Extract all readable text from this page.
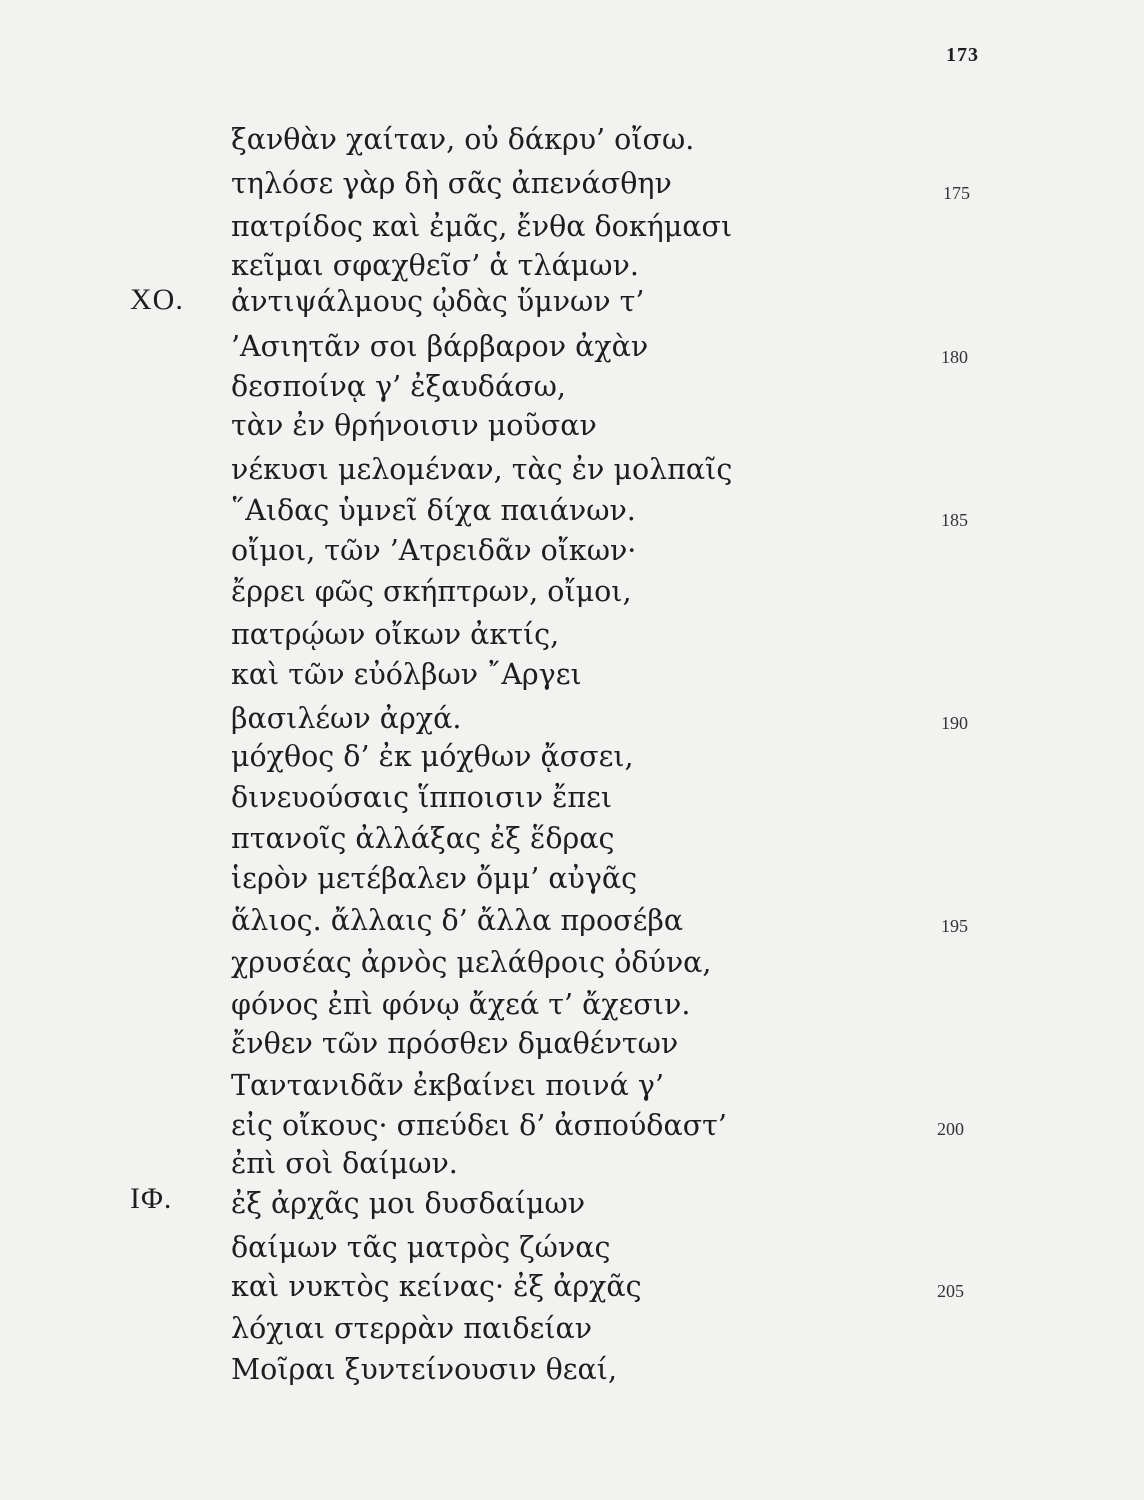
173
ΧΟ.
ΙΦ.
ξανθὰν χαίταν, οὐ δάκρυ’ οἴσω.
τηλόσε γὰρ δὴ σᾶς ἀπενάσθην
πατρίδος καὶ ἐμᾶς, ἔνθα δοκήμασι
κεῖμαι σφαχθεῖσ’ ἁ τλάμων.
ἀντιψάλμους ᾠδὰς ὕμνων τ’
’Ασιητᾶν σοι βάρβαρον ἀχὰν
δεσποίνᾳ γ’ ἐξαυδάσω,
τὰν ἐν θρήνοισιν μοῦσαν
νέκυσι μελομέναν, τὰς ἐν μολπαῖς
῞Αιδας ὑμνεῖ δίχα παιάνων.
οἴμοι, τῶν ’Ατρειδᾶν οἴκων·
ἔρρει φῶς σκήπτρων, οἴμοι,
πατρῴων οἴκων ἀκτίς,
καὶ τῶν εὐόλβων ῎Αργει
βασιλέων ἀρχά.
μόχθος δ’ ἐκ μόχθων ᾄσσει,
δινευούσαις ἵπποισιν ἔπει
πτανοῖς ἀλλάξας ἐξ ἕδρας
ἱερὸν μετέβαλεν ὄμμ’ αὐγᾶς
ἅλιος. ἄλλαις δ’ ἄλλα προσέβα
χρυσέας ἀρνὸς μελάθροις ὀδύνα,
φόνος ἐπὶ φόνῳ ἄχεά τ’ ἄχεσιν.
ἔνθεν τῶν πρόσθεν δμαθέντων
Ταντανιδᾶν ἐκβαίνει ποινά γ’
εἰς οἴκους· σπεύδει δ’ ἀσπούδαστ’
ἐπὶ σοὶ δαίμων.
ἐξ ἀρχᾶς μοι δυσδαίμων
δαίμων τᾶς ματρὸς ζώνας
καὶ νυκτὸς κείνας· ἐξ ἀρχᾶς
λόχιαι στερρὰν παιδείαν
Μοῖραι ξυντείνουσιν θεαί,
175
180
185
190
195
200
205
